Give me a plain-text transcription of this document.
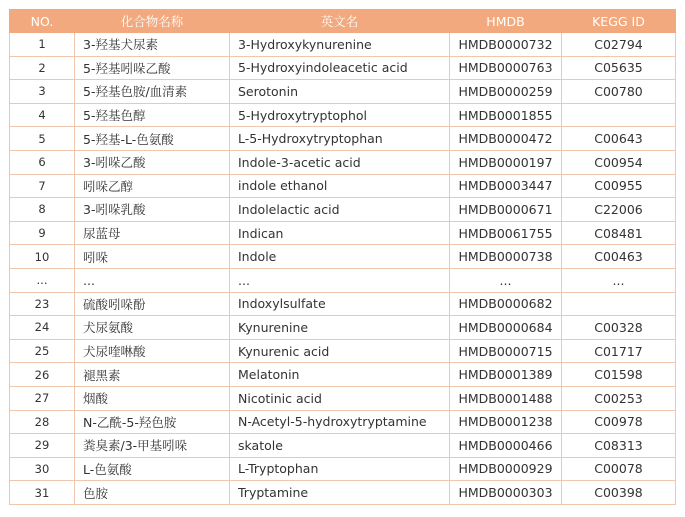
NO.	化合物名称	英文名	HMDB	KEGG ID
1	3-羟基犬尿素	3-Hydroxykynurenine	HMDB0000732	C02794
2	5-羟基吲哚乙酸	5-Hydroxyindoleacetic acid	HMDB0000763	C05635
3	5-羟基色胺/血清素	Serotonin	HMDB0000259	C00780
4	5-羟基色醇	5-Hydroxytryptophol	HMDB0001855	
5	5-羟基-L-色氨酸	L-5-Hydroxytryptophan	HMDB0000472	C00643
6	3-吲哚乙酸	Indole-3-acetic acid	HMDB0000197	C00954
7	吲哚乙醇	indole ethanol	HMDB0003447	C00955
8	3-吲哚乳酸	Indolelactic acid	HMDB0000671	C22006
9	尿蓝母	Indican	HMDB0061755	C08481
10	吲哚	Indole	HMDB0000738	C00463
...	...	...	...	...
23	硫酸吲哚酚	Indoxylsulfate	HMDB0000682	
24	犬尿氨酸	Kynurenine	HMDB0000684	C00328
25	犬尿喹啉酸	Kynurenic acid	HMDB0000715	C01717
26	褪黑素	Melatonin	HMDB0001389	C01598
27	烟酸	Nicotinic acid	HMDB0001488	C00253
28	N-乙酰-5-羟色胺	N-Acetyl-5-hydroxytryptamine	HMDB0001238	C00978
29	粪臭素/3-甲基吲哚	skatole	HMDB0000466	C08313
30	L-色氨酸	L-Tryptophan	HMDB0000929	C00078
31	色胺	Tryptamine	HMDB0000303	C00398
